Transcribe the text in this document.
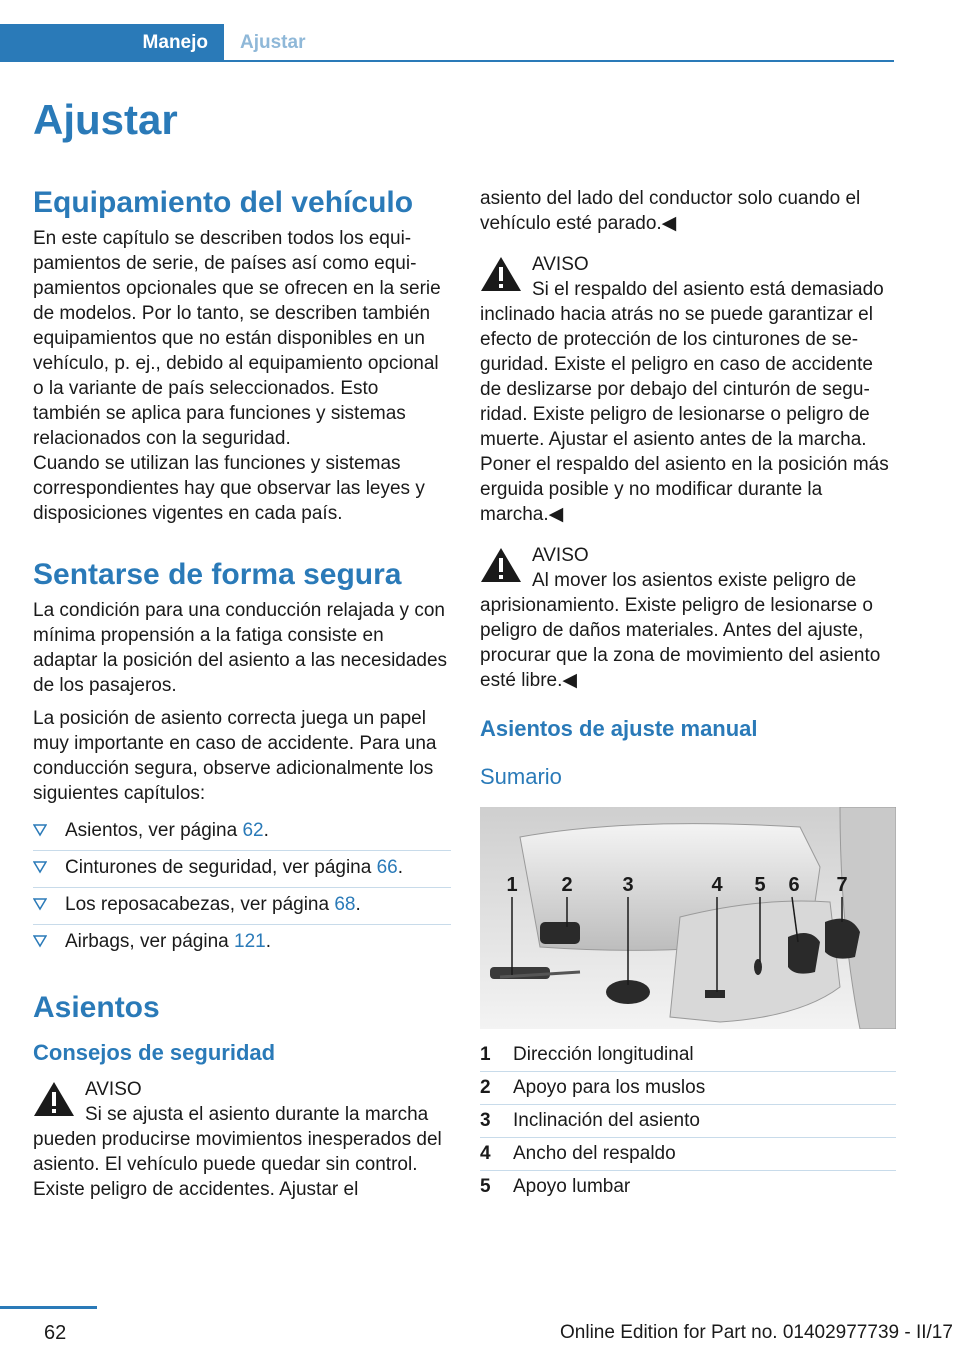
Manejo	Ajustar
Ajustar
Equipamiento del vehículo

En este capítulo se describen todos los equipamientos de serie, de países así como equipamientos opcionales que se ofrecen en la serie de modelos. Por lo tanto, se describen también equipamientos que no están disponibles en un vehículo, p. ej., debido al equipamiento opcional o la variante de país seleccionados. Esto también se aplica para funciones y sistemas relacionados con la seguridad.

Cuando se utilizan las funciones y sistemas correspondientes hay que observar las leyes y disposiciones vigentes en cada país.

Sentarse de forma segura

La condición para una conducción relajada y con mínima propensión a la fatiga consiste en adaptar la posición del asiento a las necesidades de los pasajeros.

La posición de asiento correcta juega un papel muy importante en caso de accidente. Para una conducción segura, observe adicionalmente los siguientes capítulos:

Asientos, ver página 62.
Cinturones de seguridad, ver página 66.
Los reposacabezas, ver página 68.
Airbags, ver página 121.
Asientos
Consejos de seguridad

AVISO

Si se ajusta el asiento durante la marcha pueden producirse movimientos inesperados del asiento. El vehículo puede quedar sin control. Existe peligro de accidentes. Ajustar el

asiento del lado del conductor solo cuando el vehículo esté parado.◀

AVISO

Si el respaldo del asiento está demasiado inclinado hacia atrás no se puede garantizar el efecto de protección de los cinturones de seguridad. Existe el peligro en caso de accidente de deslizarse por debajo del cinturón de seguridad. Existe peligro de lesionarse o peligro de muerte. Ajustar el asiento antes de la marcha. Poner el respaldo del asiento en la posición más erguida posible y no modificar durante la marcha.◀

AVISO

Al mover los asientos existe peligro de aprisionamiento. Existe peligro de lesionarse o peligro de daños materiales. Antes del ajuste, procurar que la zona de movimiento del asiento esté libre.◀

Asientos de ajuste manual
Sumario
1 2 3	4 5 6 7
1	Dirección longitudinal
2	Apoyo para los muslos
3	Inclinación del asiento
4	Ancho del respaldo
5	Apoyo lumbar
62	Online Edition for Part no. 01402977739 - II/17
